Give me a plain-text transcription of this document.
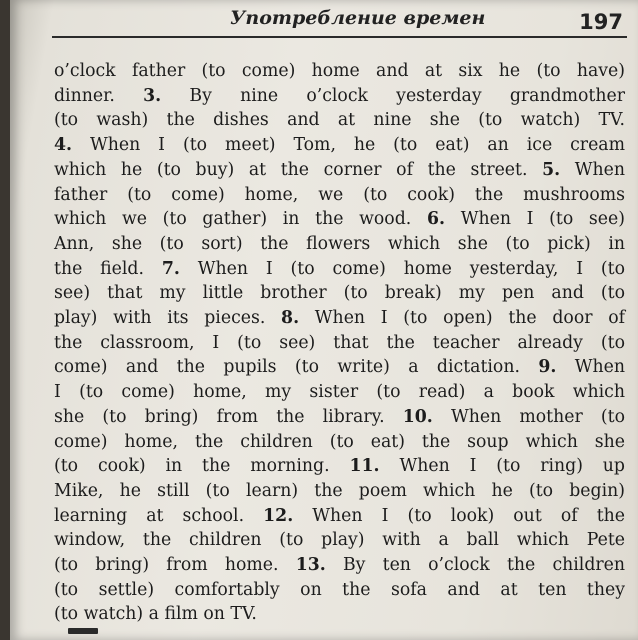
Употребление времен	197
o’clock father (to come) home and at six he (to have)
dinner. 3. By nine o’clock yesterday grandmother
(to wash) the dishes and at nine she (to watch) TV.
4. When I (to meet) Tom, he (to eat) an ice cream
which he (to buy) at the corner of the street. 5. When
father (to come) home, we (to cook) the mushrooms
which we (to gather) in the wood. 6. When I (to see)
Ann, she (to sort) the flowers which she (to pick) in
the field. 7. When I (to come) home yesterday, I (to
see) that my little brother (to break) my pen and (to
play) with its pieces. 8. When I (to open) the door of
the classroom, I (to see) that the teacher already (to
come) and the pupils (to write) a dictation. 9. When
I (to come) home, my sister (to read) a book which
she (to bring) from the library. 10. When mother (to
come) home, the children (to eat) the soup which she
(to cook) in the morning. 11. When I (to ring) up
Mike, he still (to learn) the poem which he (to begin)
learning at school. 12. When I (to look) out of the
window, the children (to play) with a ball which Pete
(to bring) from home. 13. By ten o’clock the children
(to settle) comfortably on the sofa and at ten they
(to watch) a film on TV.
